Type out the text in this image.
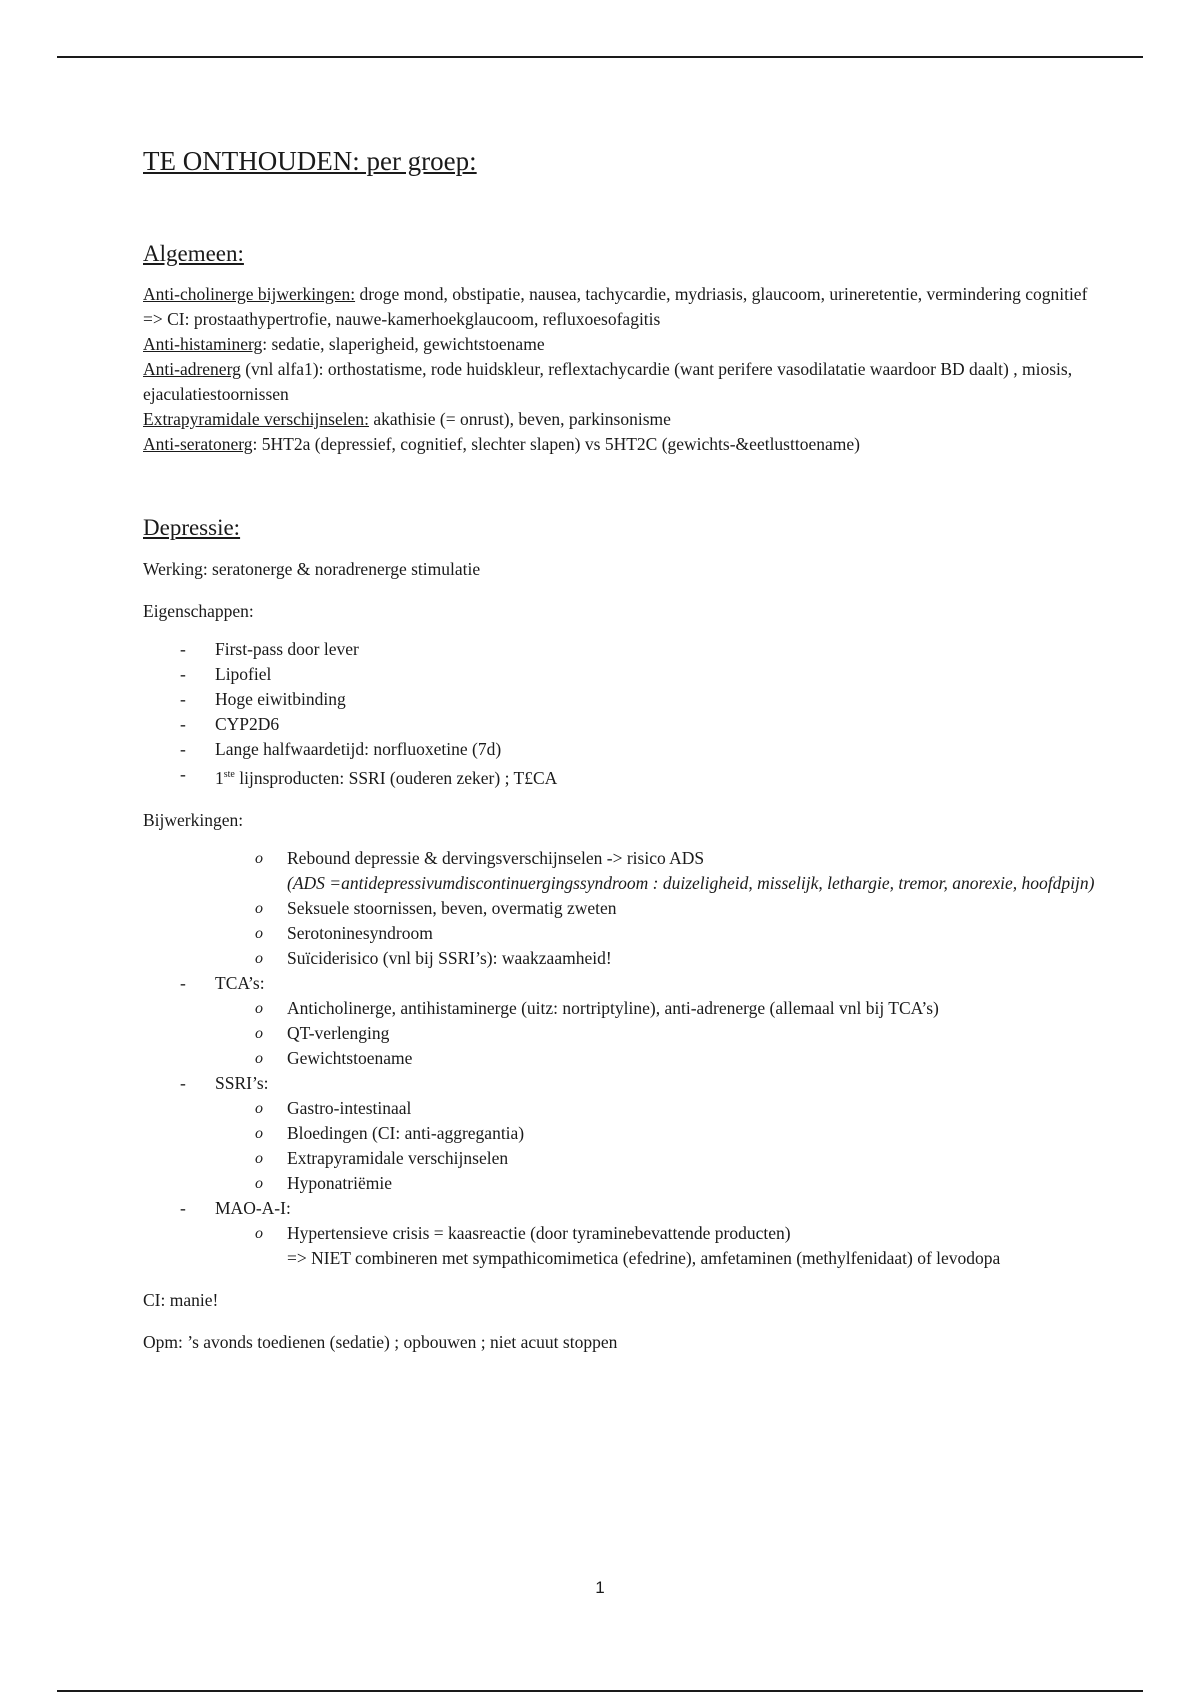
TE ONTHOUDEN: per groep:

Algemeen:

Anti-cholinerge bijwerkingen: droge mond, obstipatie, nausea, tachycardie, mydriasis, glaucoom, urineretentie, vermindering cognitief

=> CI: prostaathypertrofie, nauwe-kamerhoekglaucoom, refluxoesofagitis

Anti-histaminerg: sedatie, slaperigheid, gewichtstoename

Anti-adrenerg (vnl alfa1): orthostatisme, rode huidskleur, reflextachycardie (want perifere vasodilatatie waardoor BD daalt) , miosis, ejaculatiestoornissen

Extrapyramidale verschijnselen: akathisie (= onrust), beven, parkinsonisme

Anti-seratonerg: 5HT2a (depressief, cognitief, slechter slapen) vs 5HT2C (gewichts-&eetlusttoename)

Depressie:

Werking: seratonerge & noradrenerge stimulatie

Eigenschappen:

- First-pass door lever
- Lipofiel
- Hoge eiwitbinding
- CYP2D6
- Lange halfwaardetijd: norfluoxetine (7d)
- 1ste lijnsproducten: SSRI (ouderen zeker) ; T£CA

Bijwerkingen:

o Rebound depressie & dervingsverschijnselen -> risico ADS
(ADS =antidepressivumdiscontinuergingssyndroom : duizeligheid, misselijk, lethargie, tremor, anorexie, hoofdpijn)
o Seksuele stoornissen, beven, overmatig zweten
o Serotoninesyndroom
o Suïciderisico (vnl bij SSRI’s): waakzaamheid!
- TCA’s:
o Anticholinerge, antihistaminerge (uitz: nortriptyline), anti-adrenerge (allemaal vnl bij TCA’s)
o QT-verlenging
o Gewichtstoename
- SSRI’s:
o Gastro-intestinaal
o Bloedingen (CI: anti-aggregantia)
o Extrapyramidale verschijnselen
o Hyponatriëmie
- MAO-A-I:
o Hypertensieve crisis = kaasreactie (door tyraminebevattende producten)
=> NIET combineren met sympathicomimetica (efedrine), amfetaminen (methylfenidaat) of levodopa

CI: manie!

Opm: ’s avonds toedienen (sedatie) ; opbouwen ; niet acuut stoppen

1
